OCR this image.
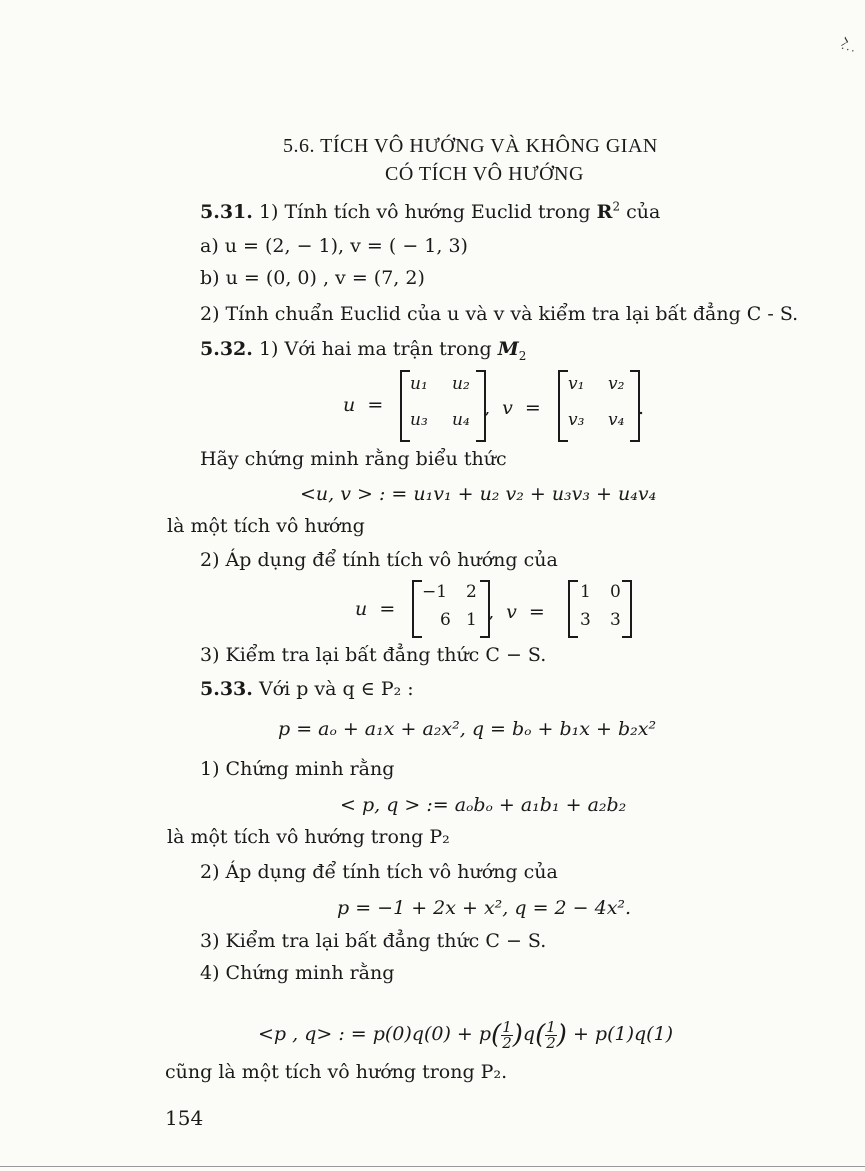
ℸ⋰
5.6. TÍCH VÔ HƯỚNG VÀ KHÔNG GIAN
CÓ TÍCH VÔ HƯỚNG
5.31. 1) Tính tích vô hướng Euclid trong $R^2$ của
a) u = (2, − 1), v = ( − 1, 3)
b) u = (0, 0) , v = (7, 2)
2) Tính chuẩn Euclid của u và v và kiểm tra lại bất đẳng C - S.
5.32. 1) Với hai ma trận trong $M_2$
u  =
u₁ u₂
u₃ u₄
,  v  =
v₁ v₂
v₃ v₄
.
Hãy chứng minh rằng biểu thức
<u, v > : = u₁v₁ + u₂ v₂ + u₃v₃ + u₄v₄
là một tích vô hướng
2) Áp dụng để tính tích vô hướng của
u  =
−1 2
6 1 ,  v  =
1 0
3 3
3) Kiểm tra lại bất đẳng thức C − S.
5.33. Với p và q ∈ P₂ :
p = aₒ + a₁x + a₂x², q = bₒ + b₁x + b₂x²
1) Chứng minh rằng
< p, q > := aₒbₒ + a₁b₁ + a₂b₂
là một tích vô hướng trong P₂
2) Áp dụng để tính tích vô hướng của
p = −1 + 2x + x², q = 2 − 4x².
3) Kiểm tra lại bất đẳng thức C − S.
4) Chứng minh rằng
<p , q> : = $p(0)q(0) + p( \frac{1}{2} )q( \frac{1}{2}$ ) + p(1)q(1)
cũng là một tích vô hướng trong P₂.
154
